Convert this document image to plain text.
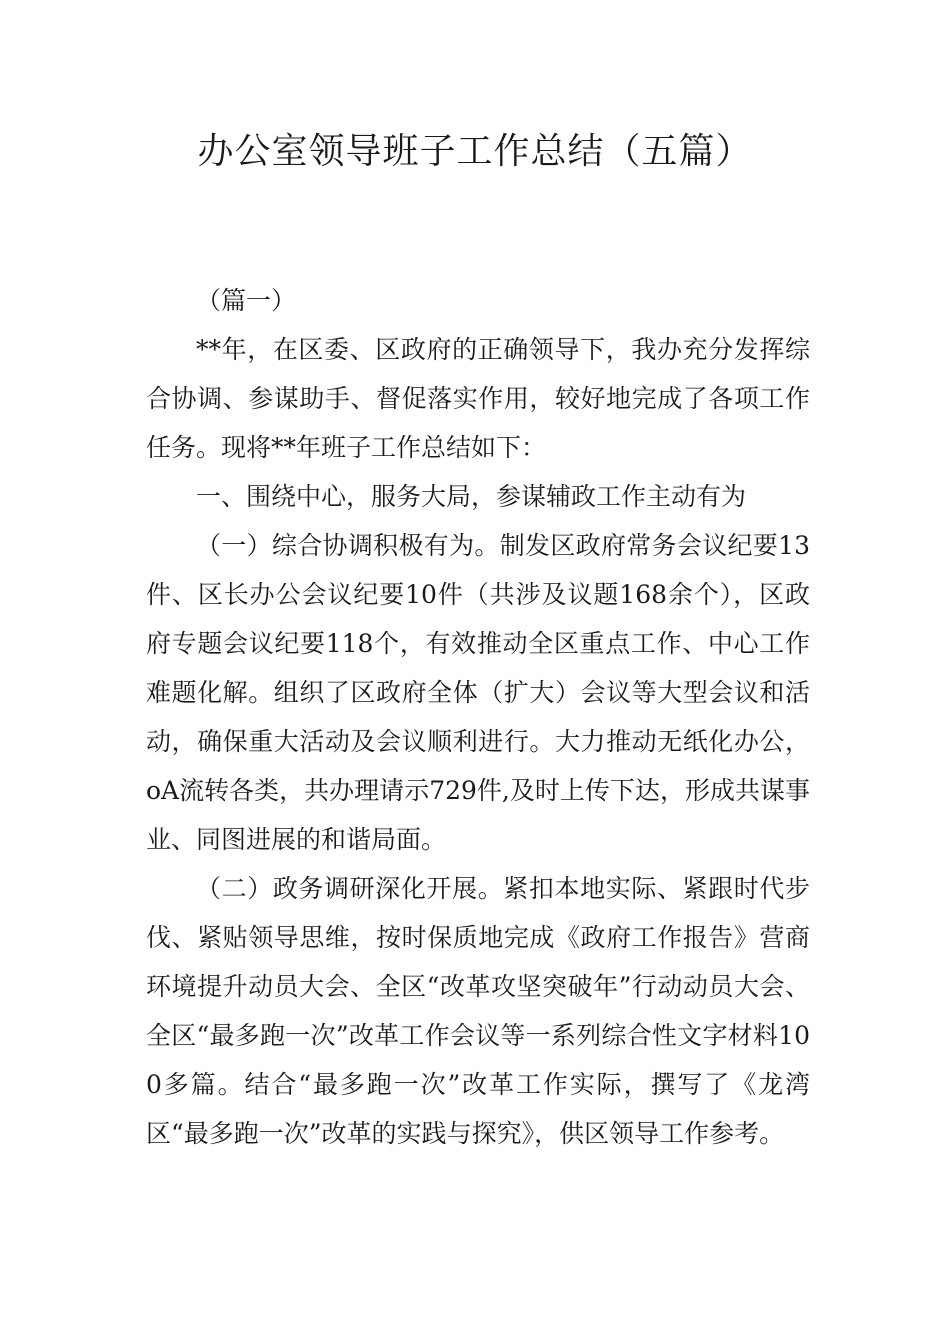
办公室领导班子工作总结（五篇）

（篇一）

**年，在区委、区政府的正确领导下，我办充分发挥综合协调、参谋助手、督促落实作用，较好地完成了各项工作任务。现将**年班子工作总结如下：

一、围绕中心，服务大局，参谋辅政工作主动有为

（一）综合协调积极有为。制发区政府常务会议纪要13件、区长办公会议纪要10件（共涉及议题168余个），区政府专题会议纪要118个，有效推动全区重点工作、中心工作难题化解。组织了区政府全体（扩大）会议等大型会议和活动，确保重大活动及会议顺利进行。大力推动无纸化办公，oA流转各类，共办理请示729件,及时上传下达，形成共谋事业、同图进展的和谐局面。

（二）政务调研深化开展。紧扣本地实际、紧跟时代步伐、紧贴领导思维，按时保质地完成《政府工作报告》营商环境提升动员大会、全区“改革攻坚突破年”行动动员大会、全区“最多跑一次”改革工作会议等一系列综合性文字材料100多篇。结合“最多跑一次”改革工作实际，撰写了《龙湾区“最多跑一次”改革的实践与探究》，供区领导工作参考。
